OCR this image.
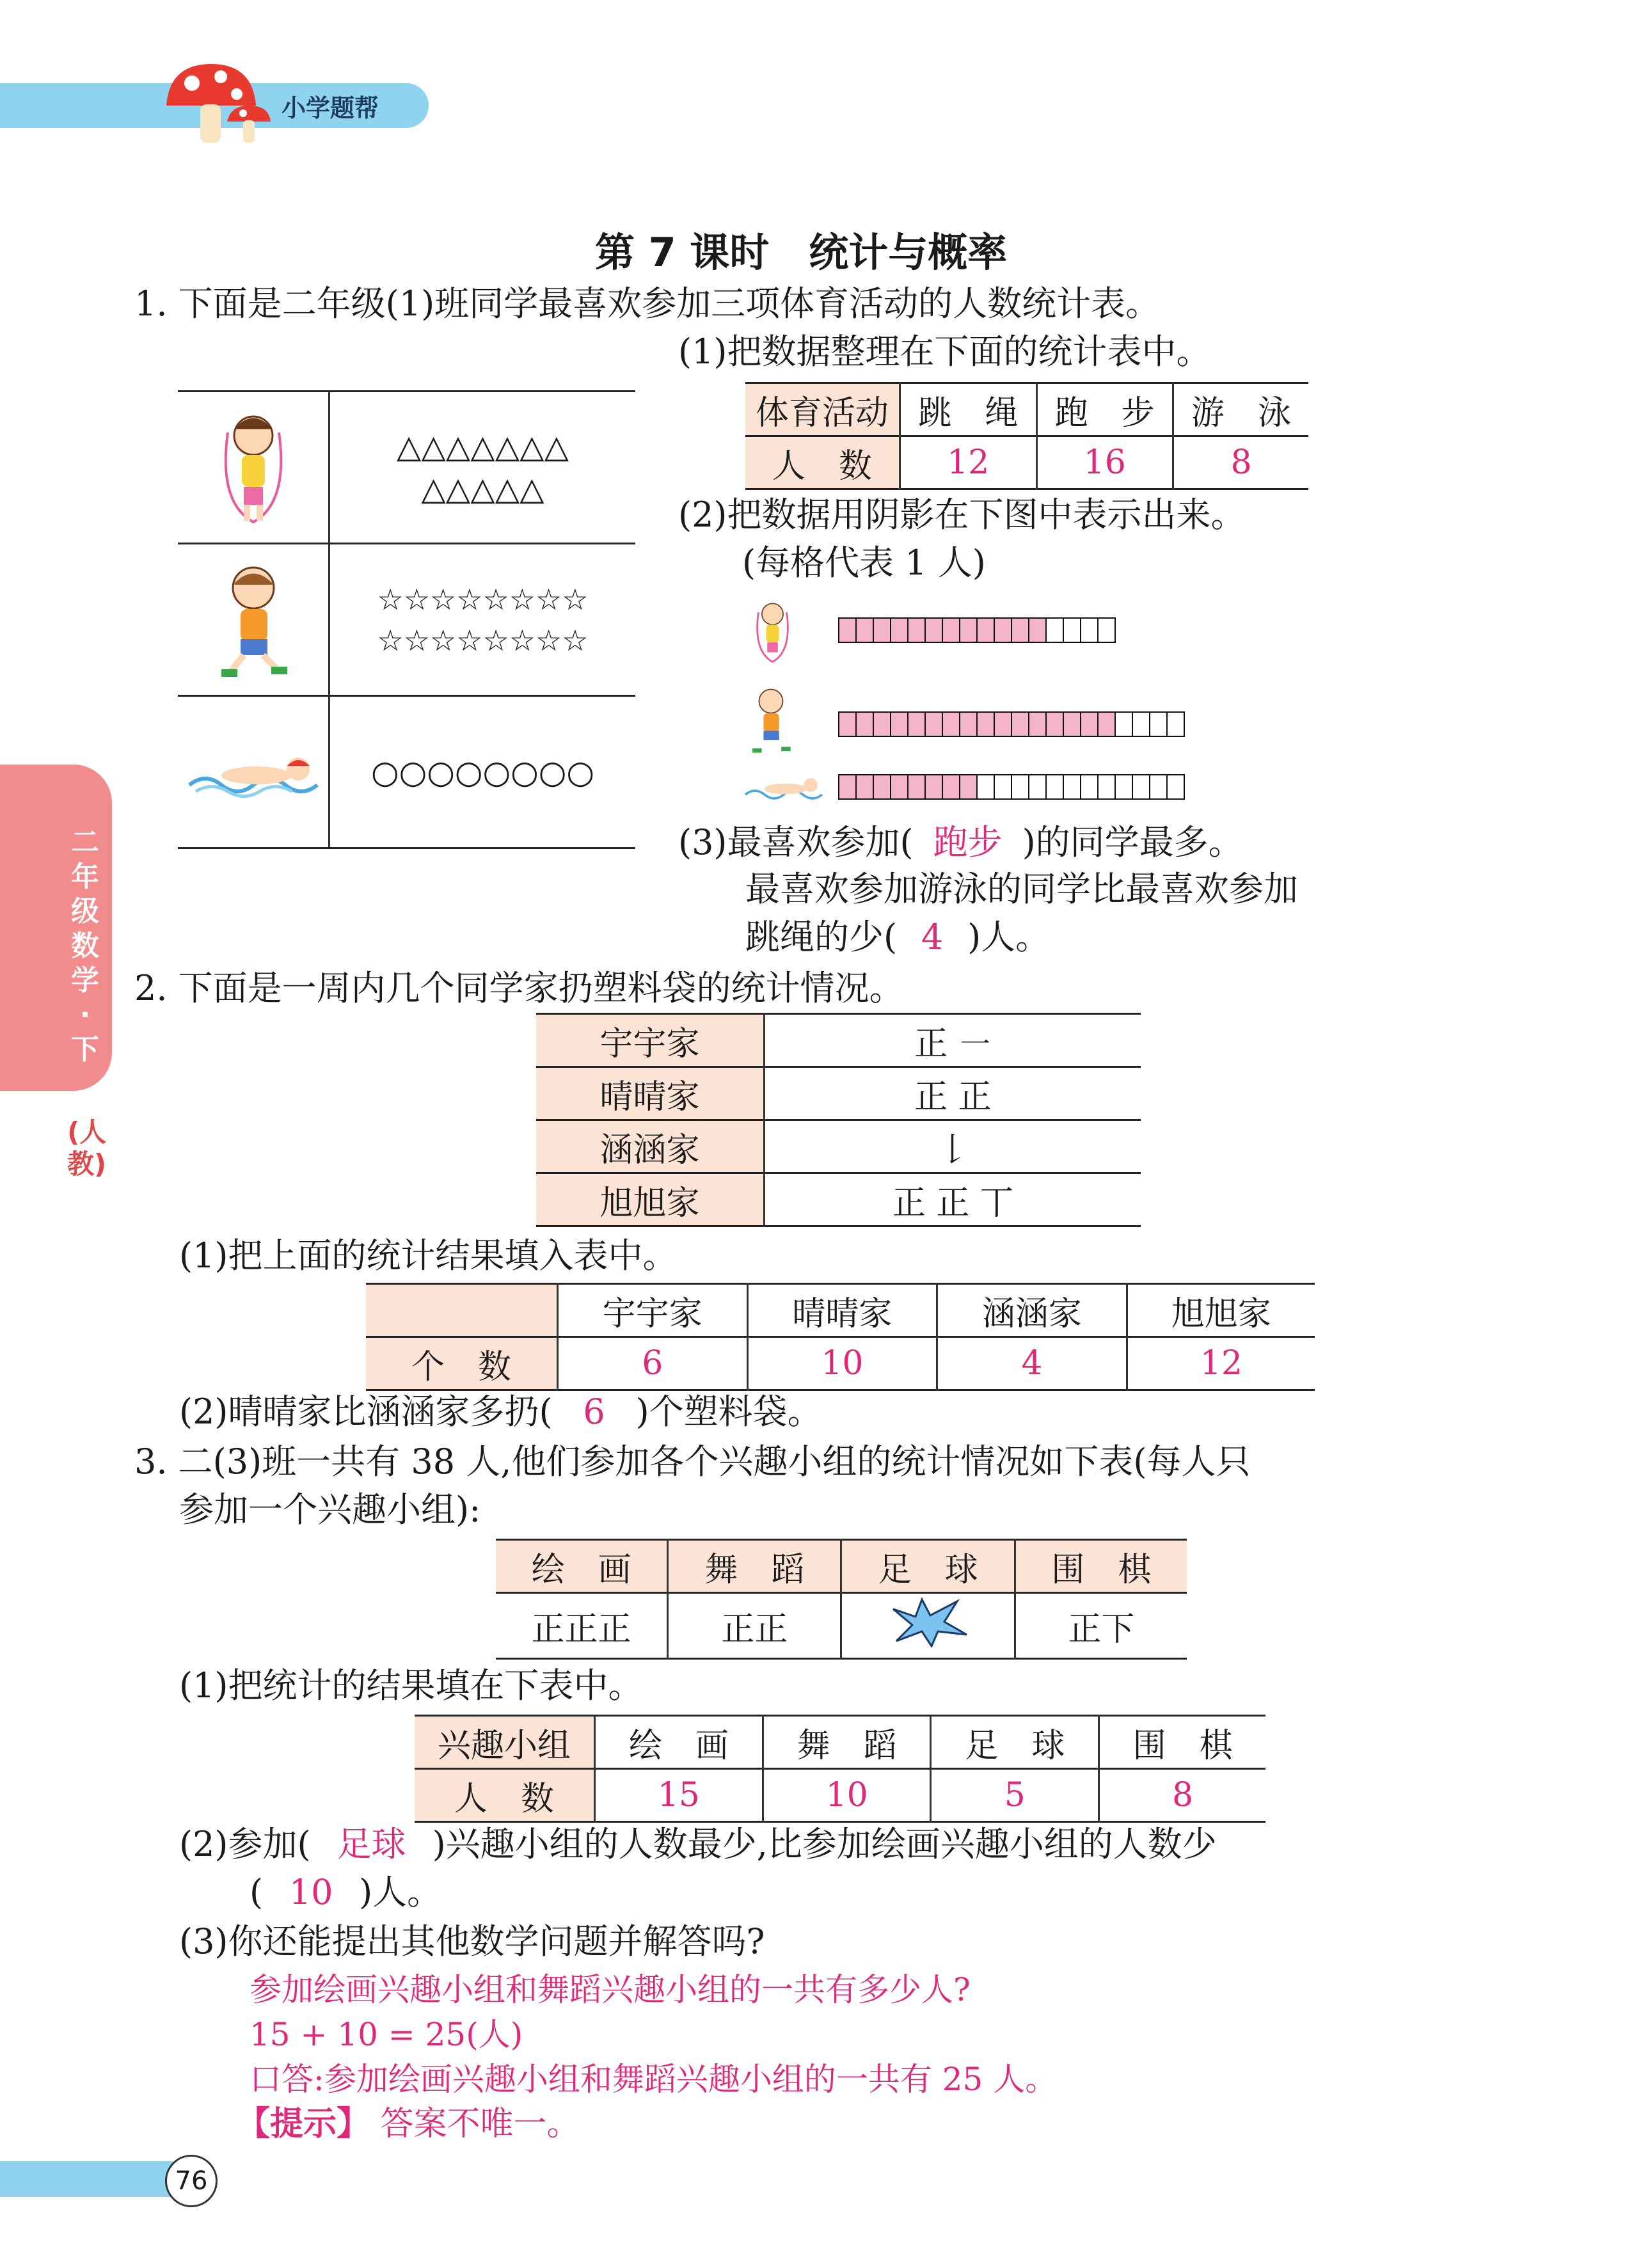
小学题帮
二年级数学·下
(人教)
76
第 7 课时　统计与概率
1. 下面是二年级(1)班同学最喜欢参加三项体育活动的人数统计表。
△△△△△△△
△△△△△
☆☆☆☆☆☆☆☆
☆☆☆☆☆☆☆☆
○○○○○○○○
(1)把数据整理在下面的统计表中。
体育活动	跳　绳	跑　步	游　泳
人　数	12	16	8
(2)把数据用阴影在下图中表示出来。
(每格代表 1 人)
(3)最喜欢参加( 跑步 )的同学最多。
最喜欢参加游泳的同学比最喜欢参加
跳绳的少( 4 )人。
2. 下面是一周内几个同学家扔塑料袋的统计情况。
宇宇家	正 ㇐
晴晴家	正 正
涵涵家	𠄌
旭旭家	正 正 丅
(1)把上面的统计结果填入表中。
	宇宇家	晴晴家	涵涵家	旭旭家
个　数	6	10	4	12
(2)晴晴家比涵涵家多扔( 6 )个塑料袋。
3. 二(3)班一共有 38 人,他们参加各个兴趣小组的统计情况如下表(每人只
参加一个兴趣小组):
绘　画	舞　蹈	足　球	围　棋
正正正	正正		正下
(1)把统计的结果填在下表中。
兴趣小组	绘　画	舞　蹈	足　球	围　棋
人　数	15	10	5	8
(2)参加( 足球 )兴趣小组的人数最少,比参加绘画兴趣小组的人数少
( 10 )人。
(3)你还能提出其他数学问题并解答吗?
参加绘画兴趣小组和舞蹈兴趣小组的一共有多少人?
15 + 10 = 25(人)
口答:参加绘画兴趣小组和舞蹈兴趣小组的一共有 25 人。
【提示】 答案不唯一。
